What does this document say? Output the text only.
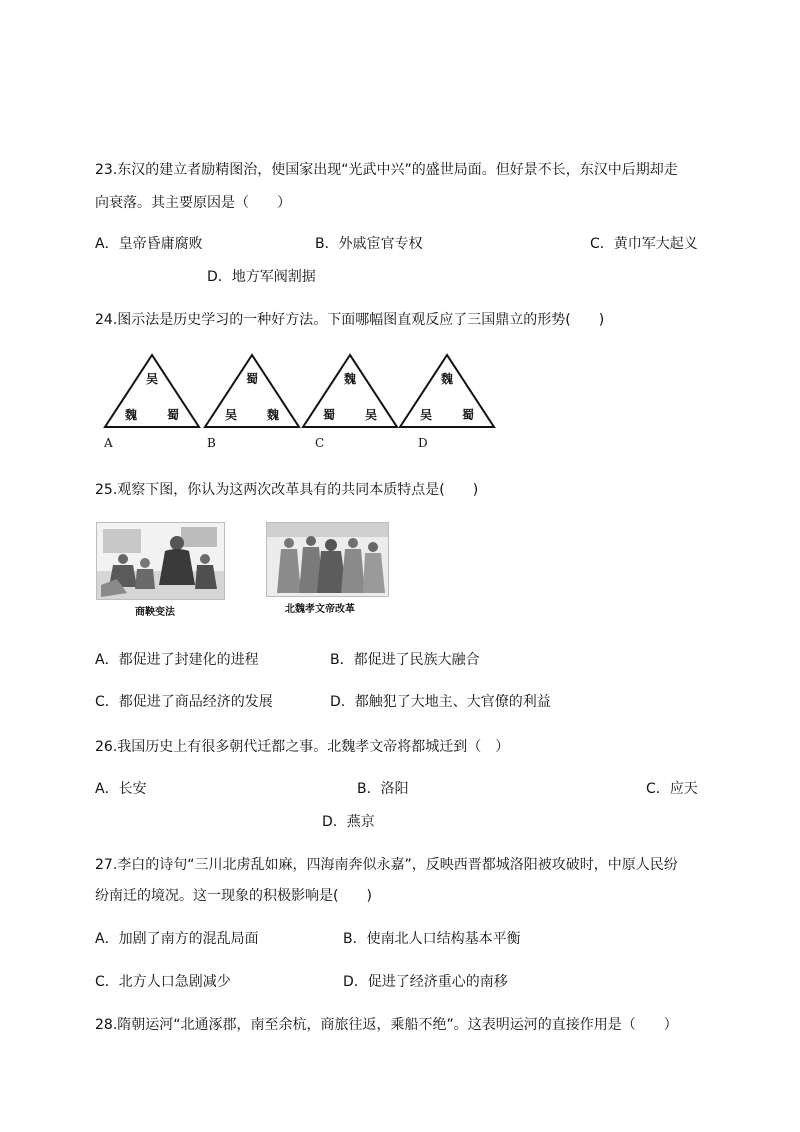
23.东汉的建立者励精图治，使国家出现“光武中兴”的盛世局面。但好景不长，东汉中后期却走
向衰落。其主要原因是（　　）
A．皇帝昏庸腐败	B．外戚宦官专权	C．黄巾军大起义
D．地方军阀割据
24.图示法是历史学习的一种好方法。下面哪幅图直观反应了三国鼎立的形势(　　)
吴
魏 蜀
蜀
吴 魏
魏
蜀 吴
魏
吴 蜀
A	B	C	D
25.观察下图，你认为这两次改革具有的共同本质特点是(　　)
商鞅变法	北魏孝文帝改革
A．都促进了封建化的进程	B．都促进了民族大融合
C．都促进了商品经济的发展	D．都触犯了大地主、大官僚的利益
26.我国历史上有很多朝代迁都之事。北魏孝文帝将都城迁到（　）
A．长安	B．洛阳	C．应天
D．燕京
27.李白的诗句“三川北虏乱如麻，四海南奔似永嘉”，反映西晋都城洛阳被攻破时，中原人民纷
纷南迁的境况。这一现象的积极影响是(　　)
A．加剧了南方的混乱局面	B．使南北人口结构基本平衡
C．北方人口急剧减少	D．促进了经济重心的南移
28.隋朝运河“北通涿郡，南至余杭，商旅往返，乘船不绝”。这表明运河的直接作用是（　　）
